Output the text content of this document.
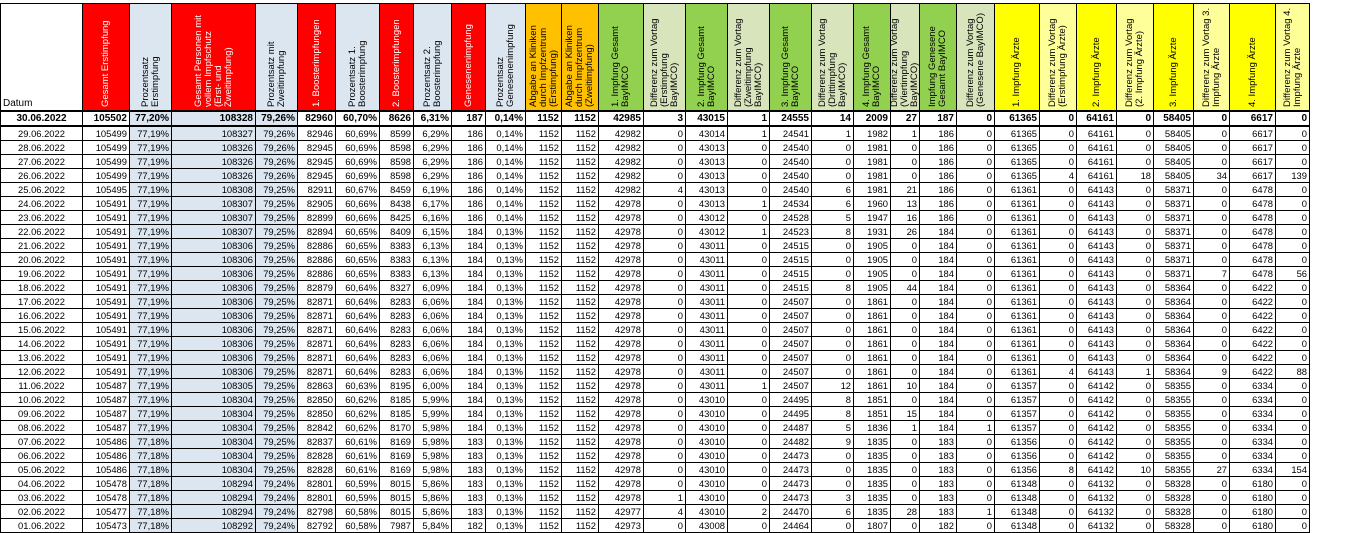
Datum	Gesamt Erstimpfung	Prozentsatz Erstimpfung	Gesamt Personen mit vollem Impfschutz (Erst- und Zweitimpfung)	Prozentsatz mit Zweitimpfung	1. Boosterimpfungen	Prozentsatz 1. Boosterimpfung	2. Boosterimpfungen	Prozentsatz 2. Boosterimpfung	Genesenenimpfung	Prozentsatz Genesenenimpfung	Abgabe an Kliniken durch Impfzentrum (Erstimpfung)	Abgabe an Kliniken durch Impfzentrum (Zweitimpfung)	1. Impfung Gesamt BayIMCO	Differenz zum Vortag (Erstimpfung BayIMCO)	2. Impfung Gesamt BayIMCO	Differenz zum Vortag (Zweitimpfung BayIMCO)	3. Impfung Gesamt BayIMCO	Differenz zum Vortag (Drittimpfung BayIMCO)	4. Impfung Gesamt BayIMCO	Differenz zum Vortag (Viertimpfung BayIMCO)	Impfung Genesene Gesamt BayIMCO	Differenz zum Vortag (Genesene BayIMCO)	1. Impfung Ärzte	Differenz zum Vortag (Erstimpfung Ärzte)	2. Impfung Ärzte	Differenz zum Vortag (2. Impfung Ärzte)	3. Impfung Ärzte	Differenz zum Vortag 3. Impfung Ärzte	4. Impfung Ärzte	Differenz zum Vortag 4. Impfung Ärzte

30.06.2022	105502	77,20%	108328	79,26%	82960	60,70%	8626	6,31%	187	0,14%	1152	1152	42985	3	43015	1	24555	14	2009	27	187	0	61365	0	64161	0	58405	0	6617	0
29.06.2022	105499	77,19%	108327	79,26%	82946	60,69%	8599	6,29%	186	0,14%	1152	1152	42982	0	43014	1	24541	1	1982	1	186	0	61365	0	64161	0	58405	0	6617	0
28.06.2022	105499	77,19%	108326	79,26%	82945	60,69%	8598	6,29%	186	0,14%	1152	1152	42982	0	43013	0	24540	0	1981	0	186	0	61365	0	64161	0	58405	0	6617	0
27.06.2022	105499	77,19%	108326	79,26%	82945	60,69%	8598	6,29%	186	0,14%	1152	1152	42982	0	43013	0	24540	0	1981	0	186	0	61365	0	64161	0	58405	0	6617	0
26.06.2022	105499	77,19%	108326	79,26%	82945	60,69%	8598	6,29%	186	0,14%	1152	1152	42982	0	43013	0	24540	0	1981	0	186	0	61365	4	64161	18	58405	34	6617	139
25.06.2022	105495	77,19%	108308	79,25%	82911	60,67%	8459	6,19%	186	0,14%	1152	1152	42982	4	43013	0	24540	6	1981	21	186	0	61361	0	64143	0	58371	0	6478	0
24.06.2022	105491	77,19%	108307	79,25%	82905	60,66%	8438	6,17%	186	0,14%	1152	1152	42978	0	43013	1	24534	6	1960	13	186	0	61361	0	64143	0	58371	0	6478	0
23.06.2022	105491	77,19%	108307	79,25%	82899	60,66%	8425	6,16%	186	0,14%	1152	1152	42978	0	43012	0	24528	5	1947	16	186	0	61361	0	64143	0	58371	0	6478	0
22.06.2022	105491	77,19%	108307	79,25%	82894	60,65%	8409	6,15%	184	0,13%	1152	1152	42978	0	43012	1	24523	8	1931	26	184	0	61361	0	64143	0	58371	0	6478	0
21.06.2022	105491	77,19%	108306	79,25%	82886	60,65%	8383	6,13%	184	0,13%	1152	1152	42978	0	43011	0	24515	0	1905	0	184	0	61361	0	64143	0	58371	0	6478	0
20.06.2022	105491	77,19%	108306	79,25%	82886	60,65%	8383	6,13%	184	0,13%	1152	1152	42978	0	43011	0	24515	0	1905	0	184	0	61361	0	64143	0	58371	0	6478	0
19.06.2022	105491	77,19%	108306	79,25%	82886	60,65%	8383	6,13%	184	0,13%	1152	1152	42978	0	43011	0	24515	0	1905	0	184	0	61361	0	64143	0	58371	7	6478	56
18.06.2022	105491	77,19%	108306	79,25%	82879	60,64%	8327	6,09%	184	0,13%	1152	1152	42978	0	43011	0	24515	8	1905	44	184	0	61361	0	64143	0	58364	0	6422	0
17.06.2022	105491	77,19%	108306	79,25%	82871	60,64%	8283	6,06%	184	0,13%	1152	1152	42978	0	43011	0	24507	0	1861	0	184	0	61361	0	64143	0	58364	0	6422	0
16.06.2022	105491	77,19%	108306	79,25%	82871	60,64%	8283	6,06%	184	0,13%	1152	1152	42978	0	43011	0	24507	0	1861	0	184	0	61361	0	64143	0	58364	0	6422	0
15.06.2022	105491	77,19%	108306	79,25%	82871	60,64%	8283	6,06%	184	0,13%	1152	1152	42978	0	43011	0	24507	0	1861	0	184	0	61361	0	64143	0	58364	0	6422	0
14.06.2022	105491	77,19%	108306	79,25%	82871	60,64%	8283	6,06%	184	0,13%	1152	1152	42978	0	43011	0	24507	0	1861	0	184	0	61361	0	64143	0	58364	0	6422	0
13.06.2022	105491	77,19%	108306	79,25%	82871	60,64%	8283	6,06%	184	0,13%	1152	1152	42978	0	43011	0	24507	0	1861	0	184	0	61361	0	64143	0	58364	0	6422	0
12.06.2022	105491	77,19%	108306	79,25%	82871	60,64%	8283	6,06%	184	0,13%	1152	1152	42978	0	43011	0	24507	0	1861	0	184	0	61361	4	64143	1	58364	9	6422	88
11.06.2022	105487	77,19%	108305	79,25%	82863	60,63%	8195	6,00%	184	0,13%	1152	1152	42978	0	43011	1	24507	12	1861	10	184	0	61357	0	64142	0	58355	0	6334	0
10.06.2022	105487	77,19%	108304	79,25%	82850	60,62%	8185	5,99%	184	0,13%	1152	1152	42978	0	43010	0	24495	8	1851	0	184	0	61357	0	64142	0	58355	0	6334	0
09.06.2022	105487	77,19%	108304	79,25%	82850	60,62%	8185	5,99%	184	0,13%	1152	1152	42978	0	43010	0	24495	8	1851	15	184	0	61357	0	64142	0	58355	0	6334	0
08.06.2022	105487	77,19%	108304	79,25%	82842	60,62%	8170	5,98%	184	0,13%	1152	1152	42978	0	43010	0	24487	5	1836	1	184	1	61357	0	64142	0	58355	0	6334	0
07.06.2022	105486	77,18%	108304	79,25%	82837	60,61%	8169	5,98%	183	0,13%	1152	1152	42978	0	43010	0	24482	9	1835	0	183	0	61356	0	64142	0	58355	0	6334	0
06.06.2022	105486	77,18%	108304	79,25%	82828	60,61%	8169	5,98%	183	0,13%	1152	1152	42978	0	43010	0	24473	0	1835	0	183	0	61356	0	64142	0	58355	0	6334	0
05.06.2022	105486	77,18%	108304	79,25%	82828	60,61%	8169	5,98%	183	0,13%	1152	1152	42978	0	43010	0	24473	0	1835	0	183	0	61356	8	64142	10	58355	27	6334	154
04.06.2022	105478	77,18%	108294	79,24%	82801	60,59%	8015	5,86%	183	0,13%	1152	1152	42978	0	43010	0	24473	0	1835	0	183	0	61348	0	64132	0	58328	0	6180	0
03.06.2022	105478	77,18%	108294	79,24%	82801	60,59%	8015	5,86%	183	0,13%	1152	1152	42978	1	43010	0	24473	3	1835	0	183	0	61348	0	64132	0	58328	0	6180	0
02.06.2022	105477	77,18%	108294	79,24%	82798	60,58%	8015	5,86%	183	0,13%	1152	1152	42977	4	43010	2	24470	6	1835	28	183	1	61348	0	64132	0	58328	0	6180	0
01.06.2022	105473	77,18%	108292	79,24%	82792	60,58%	7987	5,84%	182	0,13%	1152	1152	42973	0	43008	0	24464	0	1807	0	182	0	61348	0	64132	0	58328	0	6180	0
